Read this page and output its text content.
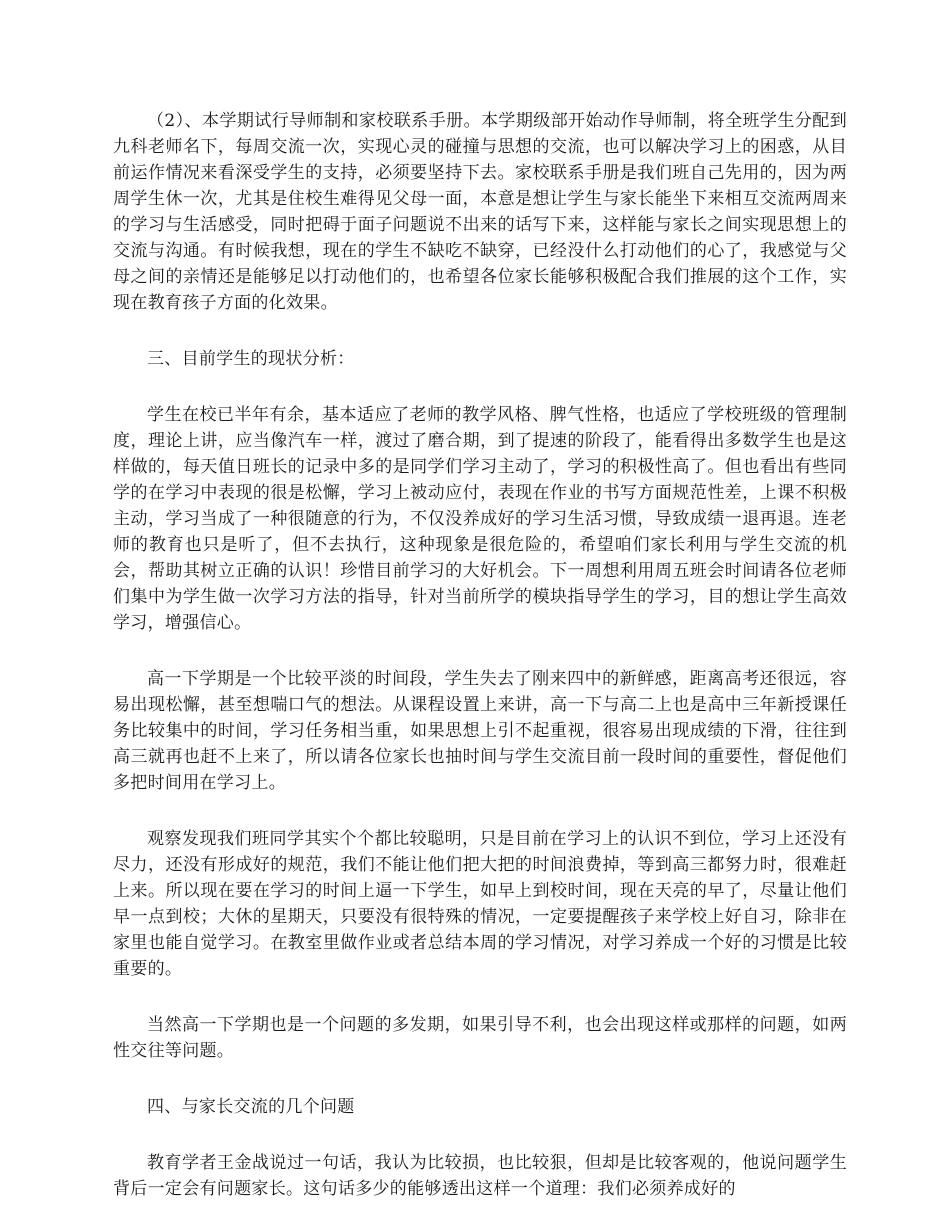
（2）、本学期试行导师制和家校联系手册。本学期级部开始动作导师制，将全班学生分配到九科老师名下，每周交流一次，实现心灵的碰撞与思想的交流，也可以解决学习上的困惑，从目前运作情况来看深受学生的支持，必须要坚持下去。家校联系手册是我们班自己先用的，因为两周学生休一次，尤其是住校生难得见父母一面，本意是想让学生与家长能坐下来相互交流两周来的学习与生活感受，同时把碍于面子问题说不出来的话写下来，这样能与家长之间实现思想上的交流与沟通。有时候我想，现在的学生不缺吃不缺穿，已经没什么打动他们的心了，我感觉与父母之间的亲情还是能够足以打动他们的，也希望各位家长能够积极配合我们推展的这个工作，实现在教育孩子方面的化效果。

三、目前学生的现状分析：

学生在校已半年有余，基本适应了老师的教学风格、脾气性格，也适应了学校班级的管理制度，理论上讲，应当像汽车一样，渡过了磨合期，到了提速的阶段了，能看得出多数学生也是这样做的，每天值日班长的记录中多的是同学们学习主动了，学习的积极性高了。但也看出有些同学的在学习中表现的很是松懈，学习上被动应付，表现在作业的书写方面规范性差，上课不积极主动，学习当成了一种很随意的行为，不仅没养成好的学习生活习惯，导致成绩一退再退。连老师的教育也只是听了，但不去执行，这种现象是很危险的，希望咱们家长利用与学生交流的机会，帮助其树立正确的认识！珍惜目前学习的大好机会。下一周想利用周五班会时间请各位老师们集中为学生做一次学习方法的指导，针对当前所学的模块指导学生的学习，目的想让学生高效学习，增强信心。

高一下学期是一个比较平淡的时间段，学生失去了刚来四中的新鲜感，距离高考还很远，容易出现松懈，甚至想喘口气的想法。从课程设置上来讲，高一下与高二上也是高中三年新授课任务比较集中的时间，学习任务相当重，如果思想上引不起重视，很容易出现成绩的下滑，往往到高三就再也赶不上来了，所以请各位家长也抽时间与学生交流目前一段时间的重要性，督促他们多把时间用在学习上。

观察发现我们班同学其实个个都比较聪明，只是目前在学习上的认识不到位，学习上还没有尽力，还没有形成好的规范，我们不能让他们把大把的时间浪费掉，等到高三都努力时，很难赶上来。所以现在要在学习的时间上逼一下学生，如早上到校时间，现在天亮的早了，尽量让他们早一点到校；大休的星期天，只要没有很特殊的情况，一定要提醒孩子来学校上好自习，除非在家里也能自觉学习。在教室里做作业或者总结本周的学习情况，对学习养成一个好的习惯是比较重要的。

当然高一下学期也是一个问题的多发期，如果引导不利，也会出现这样或那样的问题，如两性交往等问题。

四、与家长交流的几个问题

教育学者王金战说过一句话，我认为比较损，也比较狠，但却是比较客观的，他说问题学生背后一定会有问题家长。这句话多少的能够透出这样一个道理：我们必须养成好的
